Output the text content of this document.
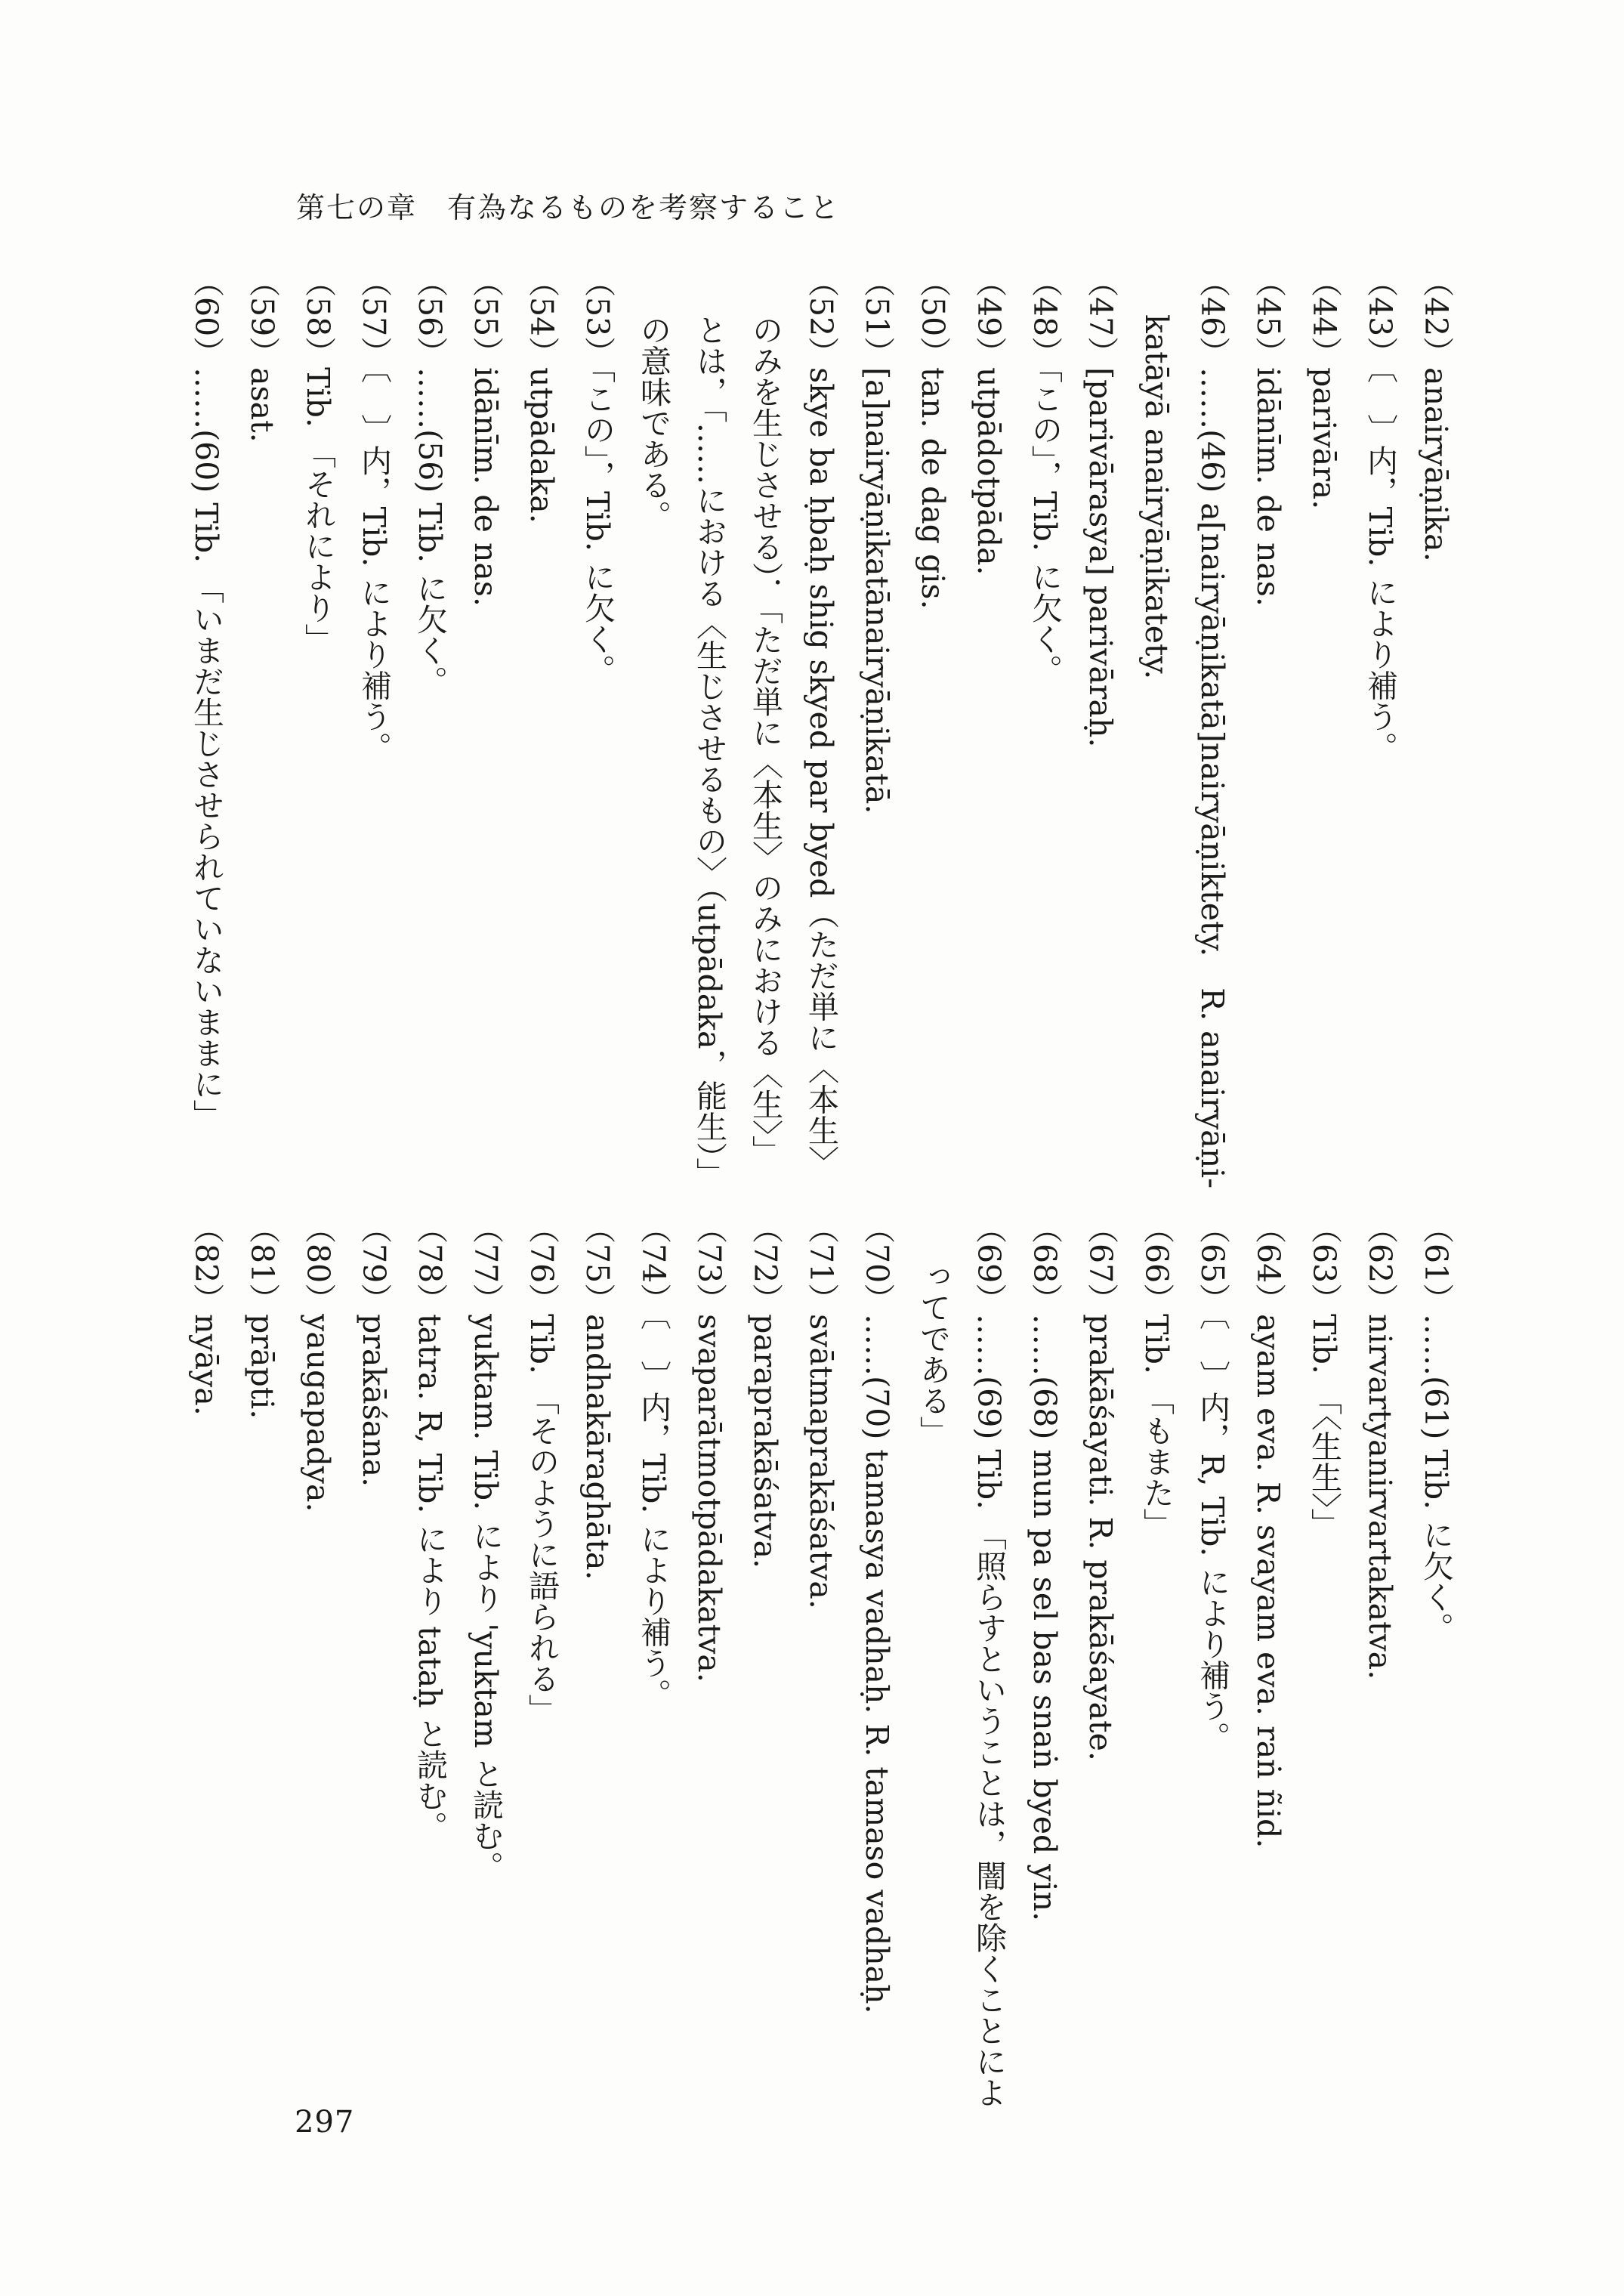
第七の章　有為なるものを考察すること
（42）anairyāṇika.
（43）〔　〕内，Tib. により補う。
（44）parivāra.
（45）idānīm. de nas.
（46）……(46) a[nairyāṇikatā]nairyāṇiktety.　R. anairyāṇi-
katāyā anairyāṇikatety.
（47）[parivārasya] parivāraḥ.
（48）「この」，Tib. に欠く。
（49）utpādotpāda.
（50）tan. de dag gis.
（51）[a]nairyāṇikatānairyāṇikatā.
（52）skye ba ḥbaḥ shig skyed par byed（ただ単に〈本生〉
のみを生じさせる）．「ただ単に〈本生〉のみにおける〈生〉」
とは，「……における〈生じさせるもの〉（utpādaka，能生）」
の意味である。
（53）「この」，Tib. に欠く。
（54）utpādaka.
（55）idānīm. de nas.
（56）……(56) Tib. に欠く。
（57）〔　〕内，Tib. により補う。
（58）Tib. 「それにより」
（59）asat.
（60）……(60) Tib. 「いまだ生じさせられていないままに」
（61）……(61) Tib. に欠く。
（62）nirvartyanirvartakatva.
（63）Tib. 「〈生生〉」
（64）ayam eva. R. svayam eva. raṅ ñid.
（65）〔　〕内，R, Tib. により補う。
（66）Tib. 「もまた」
（67）prakāśayati. R. prakāśayate.
（68）……(68) mun pa sel bas snaṅ byed yin.
（69）……(69) Tib. 「照らすということは，闇を除くことによ
ってである」
（70）……(70) tamasya vadhaḥ. R. tamaso vadhaḥ.
（71）svātmaprakāśatva.
（72）paraprakāśatva.
（73）svaparātmotpādakatva.
（74）〔　〕内，Tib. により補う。
（75）andhakāraghāta.
（76）Tib. 「そのように語られる」
（77）yuktam. Tib. により 'yuktam と読む。
（78）tatra. R, Tib. により tataḥ と読む。
（79）prakāśana.
（80）yaugapadya.
（81）prāpti.
（82）nyāya.
297
